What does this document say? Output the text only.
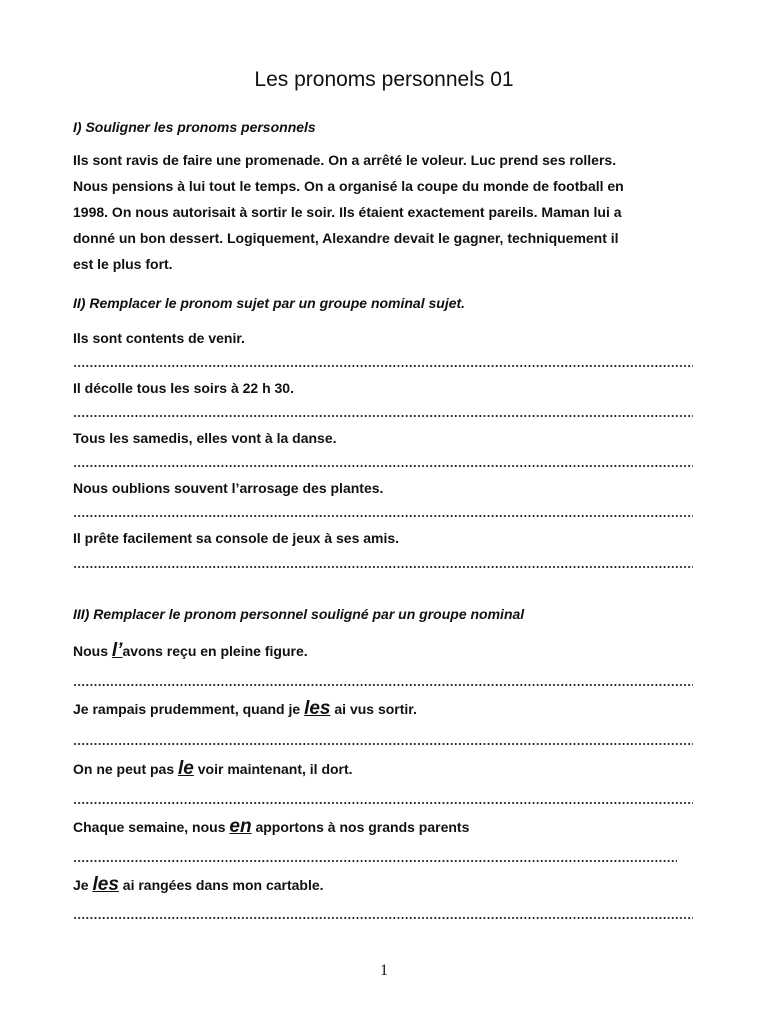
Les pronoms personnels 01
I) Souligner les pronoms personnels
Ils sont ravis de faire une promenade. On a arrêté le voleur. Luc prend ses rollers.
Nous pensions à lui tout le temps. On a organisé la coupe du monde de football en
1998. On nous autorisait à sortir le soir. Ils étaient exactement pareils. Maman lui a
donné un bon dessert. Logiquement, Alexandre devait le gagner, techniquement il
est le plus fort.
II) Remplacer le pronom sujet par un groupe nominal sujet.
Ils sont contents de venir.
Il décolle tous les soirs à 22 h 30.
Tous les samedis, elles vont à la danse.
Nous oublions souvent l’arrosage des plantes.
Il prête facilement sa console de jeux à ses amis.
III) Remplacer le pronom personnel souligné par un groupe nominal
Nous l’avons reçu en pleine figure.
Je rampais prudemment, quand je les ai vus sortir.
On ne peut pas le voir maintenant, il dort.
Chaque semaine, nous en apportons à nos grands parents
Je les ai rangées dans mon cartable.
1
